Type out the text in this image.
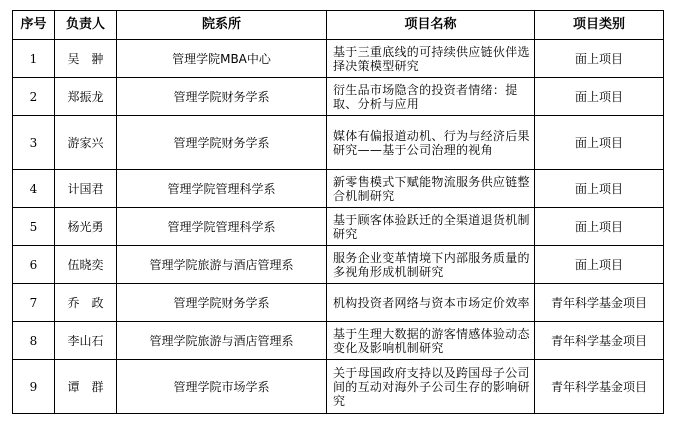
序号	负责人	院系所	项目名称	项目类别
1	吴　翀	管理学院MBA中心	基于三重底线的可持续供应链伙伴选择决策模型研究	面上项目
2	郑振龙	管理学院财务学系	衍生品市场隐含的投资者情绪：提取、分析与应用	面上项目
3	游家兴	管理学院财务学系	媒体有偏报道动机、行为与经济后果研究——基于公司治理的视角	面上项目
4	计国君	管理学院管理科学系	新零售模式下赋能物流服务供应链整合机制研究	面上项目
5	杨光勇	管理学院管理科学系	基于顾客体验跃迁的全渠道退货机制研究	面上项目
6	伍晓奕	管理学院旅游与酒店管理系	服务企业变革情境下内部服务质量的多视角形成机制研究	面上项目
7	乔　政	管理学院财务学系	机构投资者网络与资本市场定价效率	青年科学基金项目
8	李山石	管理学院旅游与酒店管理系	基于生理大数据的游客情感体验动态变化及影响机制研究	青年科学基金项目
9	谭　群	管理学院市场学系	关于母国政府支持以及跨国母子公司间的互动对海外子公司生存的影响研究	青年科学基金项目
